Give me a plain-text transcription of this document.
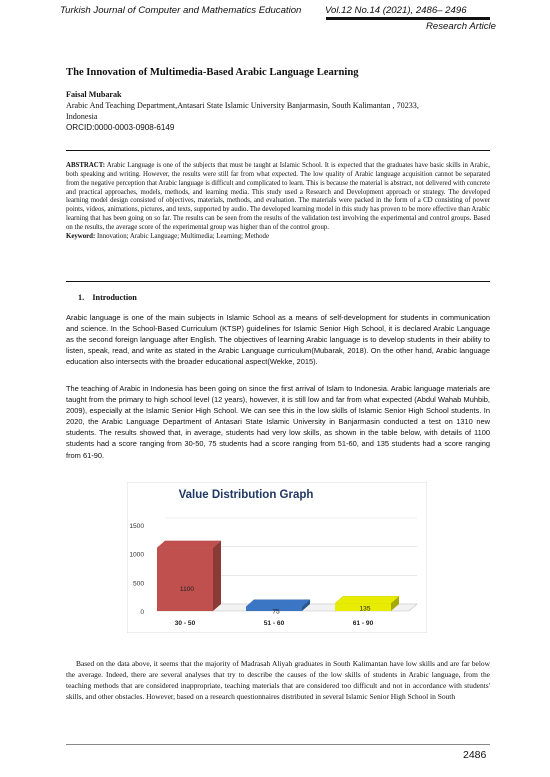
Turkish Journal of Computer and Mathematics Education Vol.12 No.14 (2021), 2486– 2496
Research Article
The Innovation of Multimedia-Based Arabic Language Learning
Faisal Mubarak
Arabic And Teaching Department,Antasari State Islamic University Banjarmasin, South Kalimantan , 70233,
Indonesia
ORCID:0000-0003-0908-6149
ABSTRACT: Arabic Language is one of the subjects that must be taught at Islamic School. It is expected that the graduates have basic skills in Arabic, both speaking and writing. However, the results were still far from what expected. The low quality of Arabic language acquisition cannot be separated from the negative perception that Arabic language is difficult and complicated to learn. This is because the material is abstract, not delivered with concrete and practical approaches, models, methods, and learning media. This study used a Research and Development approach or strategy. The developed learning model design consisted of objectives, materials, methods, and evaluation. The materials were packed in the form of a CD consisting of power points, videos, animations, pictures, and texts, supported by audio. The developed learning model in this study has proven to be more effective than Arabic learning that has been going on so far. The results can be seen from the results of the validation test involving the experimental and control groups. Based on the results, the average score of the experimental group was higher than of the control group.
Keyword: Innovation; Arabic Language; Multimedia; Learning; Methode
1.    Introduction
Arabic language is one of the main subjects in Islamic School as a means of self-development for students in communication and science. In the School-Based Curriculum (KTSP) guidelines for Islamic Senior High School, it is declared Arabic Language as the second foreign language after English. The objectives of learning Arabic language is to develop students in their ability to listen, speak, read, and write as stated in the Arabic Language curriculum(Mubarak, 2018). On the other hand, Arabic language education also intersects with the broader educational aspect(Wekke, 2015).
The teaching of Arabic in Indonesia has been going on since the first arrival of Islam to Indonesia. Arabic language materials are taught from the primary to high school level (12 years), however, it is still low and far from what expected (Abdul Wahab Muhbib, 2009), especially at the Islamic Senior High School. We can see this in the low skills of Islamic Senior High School students. In 2020, the Arabic Language Department of Antasari State Islamic University in Banjarmasin conducted a test on 1310 new students. The results showed that, in average, students had very low skills, as shown in the table below, with details of 1100 students had a score ranging from 30-50, 75 students had a score ranging from 51-60, and 135 students had a score ranging from 61-90.
Value Distribution Graph
0
500
1000
1500
1100
30 - 50
75
51 - 60
135
61 - 90
Based on the data above, it seems that the majority of Madrasah Aliyah graduates in South Kalimantan have low skills and are far below the average. Indeed, there are several analyses that try to describe the causes of the low skills of students in Arabic language, from the teaching methods that are considered inappropriate, teaching materials that are considered too difficult and not in accordance with students' skills, and other obstacles. However, based on a research questionnaires distributed in several Islamic Senior High School in South
2486
